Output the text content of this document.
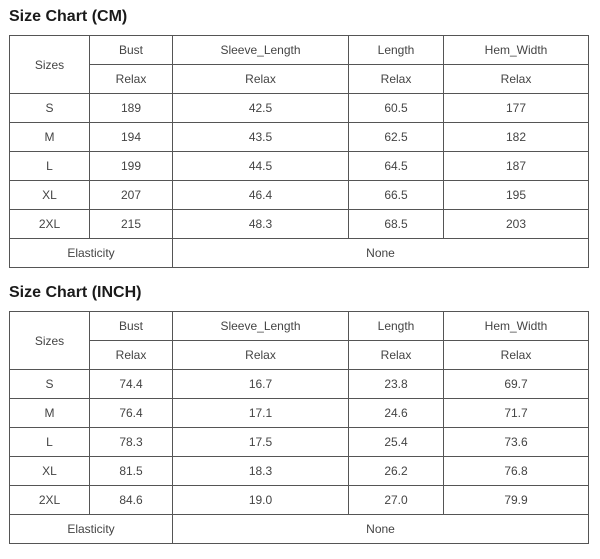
Size Chart (CM)
Sizes	Bust	Sleeve_Length	Length	Hem_Width
	Relax	Relax	Relax	Relax
S	189	42.5	60.5	177
M	194	43.5	62.5	182
L	199	44.5	64.5	187
XL	207	46.4	66.5	195
2XL	215	48.3	68.5	203
Elasticity		None		
Size Chart (INCH)
Sizes	Bust	Sleeve_Length	Length	Hem_Width
	Relax	Relax	Relax	Relax
S	74.4	16.7	23.8	69.7
M	76.4	17.1	24.6	71.7
L	78.3	17.5	25.4	73.6
XL	81.5	18.3	26.2	76.8
2XL	84.6	19.0	27.0	79.9
Elasticity		None		
